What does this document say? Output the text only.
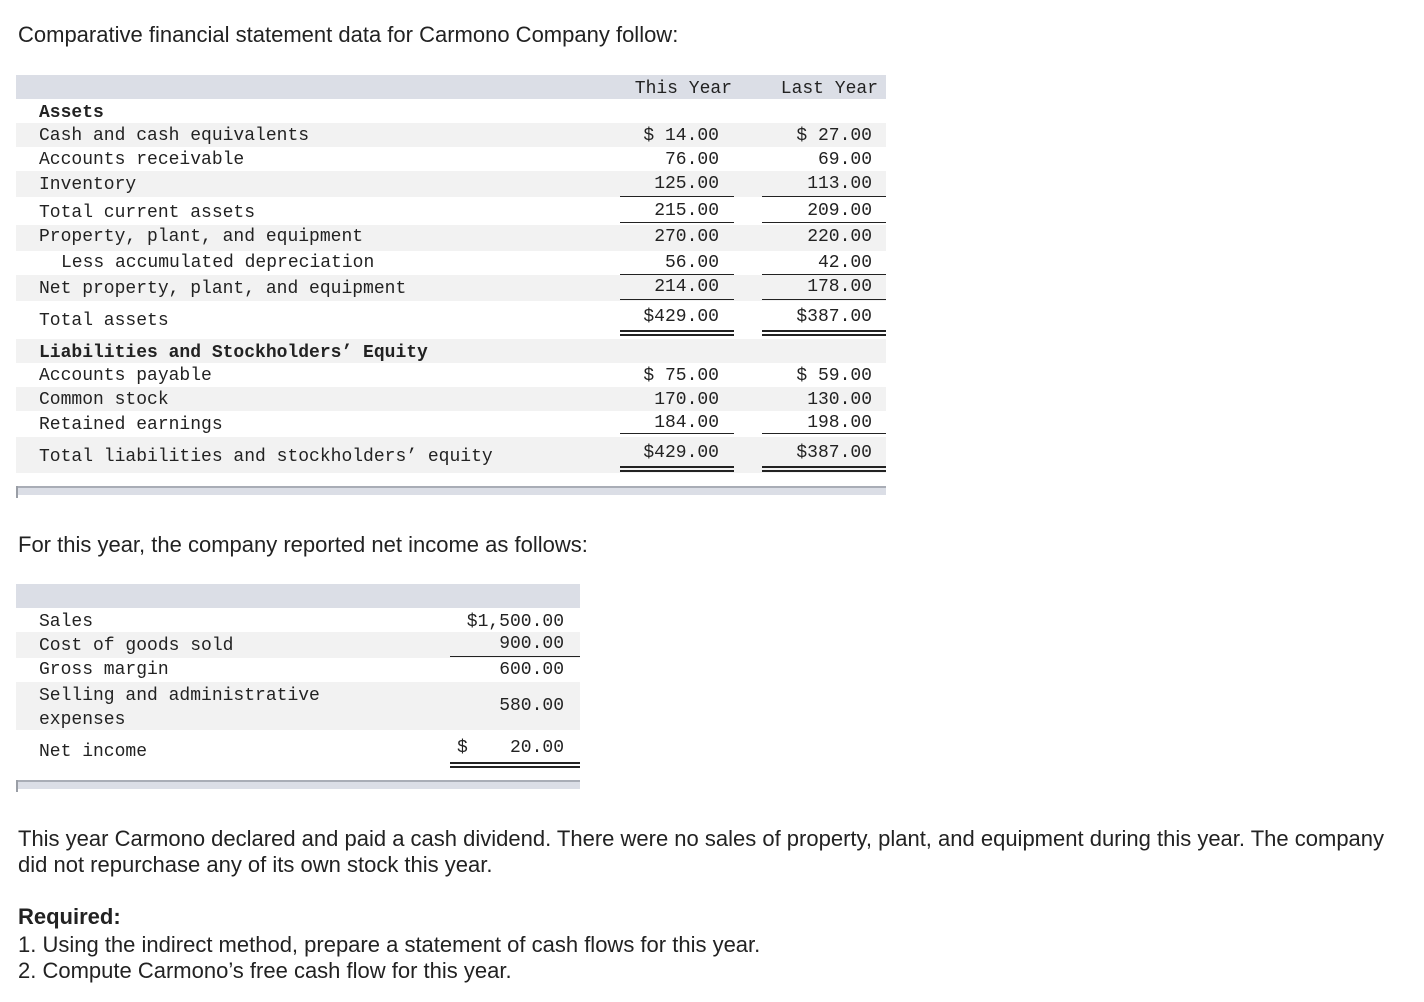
Comparative financial statement data for Carmono Company follow:
This Year	Last Year
Assets
Cash and cash equivalents	$ 14.00	$ 27.00
Accounts receivable	76.00	69.00
Inventory	125.00	113.00
Total current assets	215.00	209.00
Property, plant, and equipment	270.00	220.00
Less accumulated depreciation	56.00	42.00
Net property, plant, and equipment	214.00	178.00
Total assets	$429.00	$387.00
Liabilities and Stockholders’ Equity
Accounts payable	$ 75.00	$ 59.00
Common stock	170.00	130.00
Retained earnings	184.00	198.00
Total liabilities and stockholders’ equity	$429.00	$387.00
For this year, the company reported net income as follows:
Sales	$1,500.00
Cost of goods sold	900.00
Gross margin	600.00
Selling and administrative expenses
580.00
Net income	$ 20.00
This year Carmono declared and paid a cash dividend. There were no sales of property, plant, and equipment during this year. The company did not repurchase any of its own stock this year.
Required:
1. Using the indirect method, prepare a statement of cash flows for this year.
2. Compute Carmono’s free cash flow for this year.
